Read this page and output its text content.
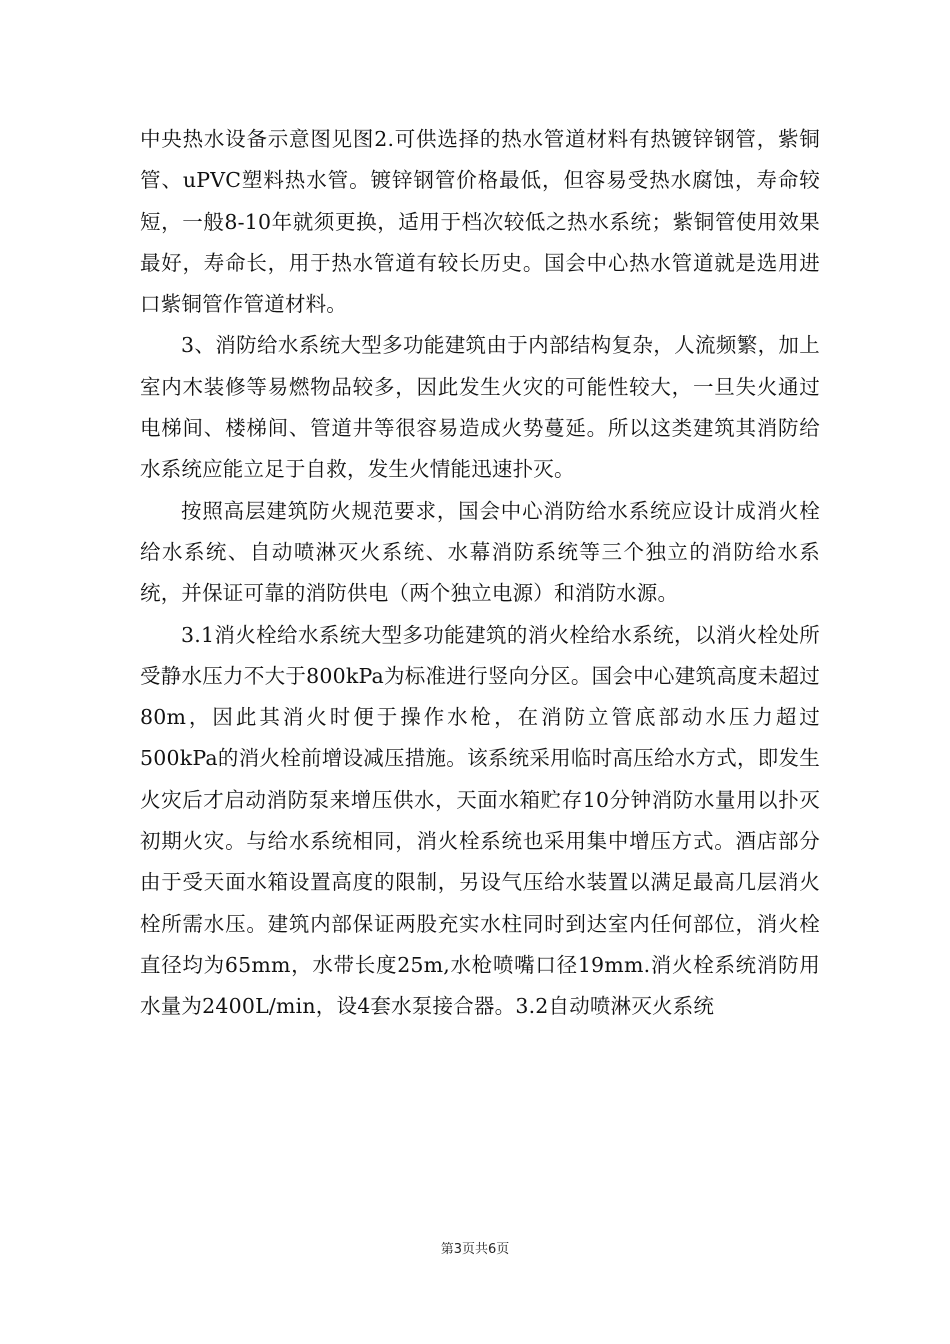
中央热水设备示意图见图2.可供选择的热水管道材料有热镀锌钢管，紫铜管、uPVC塑料热水管。镀锌钢管价格最低，但容易受热水腐蚀，寿命较短，一般8-10年就须更换，适用于档次较低之热水系统；紫铜管使用效果最好，寿命长，用于热水管道有较长历史。国会中心热水管道就是选用进口紫铜管作管道材料。

3、消防给水系统大型多功能建筑由于内部结构复杂，人流频繁，加上室内木装修等易燃物品较多，因此发生火灾的可能性较大，一旦失火通过电梯间、楼梯间、管道井等很容易造成火势蔓延。所以这类建筑其消防给水系统应能立足于自救，发生火情能迅速扑灭。

按照高层建筑防火规范要求，国会中心消防给水系统应设计成消火栓给水系统、自动喷淋灭火系统、水幕消防系统等三个独立的消防给水系统，并保证可靠的消防供电（两个独立电源）和消防水源。

3.1消火栓给水系统大型多功能建筑的消火栓给水系统，以消火栓处所受静水压力不大于800kPa为标准进行竖向分区。国会中心建筑高度未超过80m，因此其消火时便于操作水枪，在消防立管底部动水压力超过500kPa的消火栓前增设减压措施。该系统采用临时高压给水方式，即发生火灾后才启动消防泵来增压供水，天面水箱贮存10分钟消防水量用以扑灭初期火灾。与给水系统相同，消火栓系统也采用集中增压方式。酒店部分由于受天面水箱设置高度的限制，另设气压给水装置以满足最高几层消火栓所需水压。建筑内部保证两股充实水柱同时到达室内任何部位，消火栓直径均为65mm，水带长度25m,水枪喷嘴口径19mm.消火栓系统消防用水量为2400L/min，设4套水泵接合器。3.2自动喷淋灭火系统

第3页共6页
